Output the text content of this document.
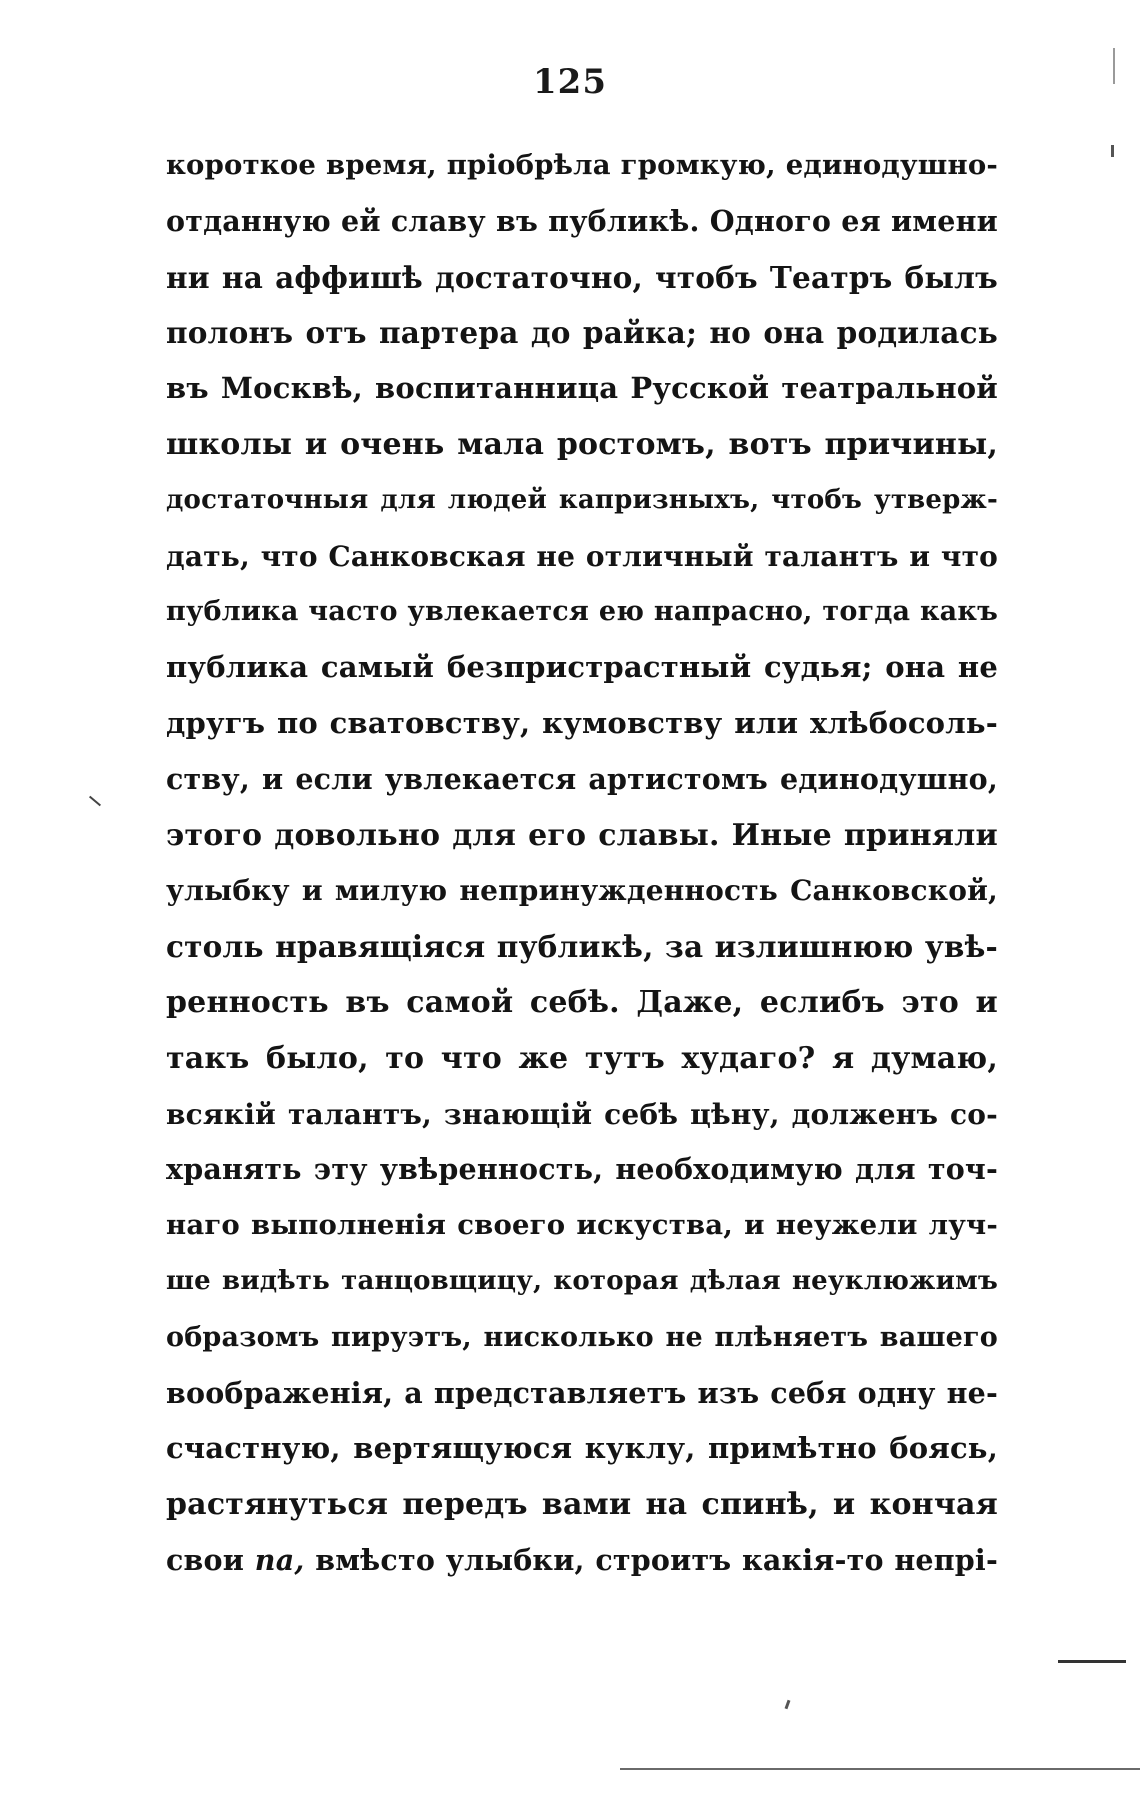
125
короткое время, пріобрѣла громкую, единодушно-
отданную ей славу въ публикѣ. Одного ея имени
ни на аффишѣ достаточно, чтобъ Театръ былъ
полонъ отъ партера до райка; но она родилась
въ Москвѣ, воспитанница Русской театральной
школы и очень мала ростомъ, вотъ причины,
достаточныя для людей капризныхъ, чтобъ утверж-
дать, что Санковская не отличный талантъ и что
публика часто увлекается ею напрасно, тогда какъ
публика самый безпристрастный судья; она не
другъ по сватовству, кумовству или хлѣбосоль-
ству, и если увлекается артистомъ единодушно,
этого довольно для его славы. Иные приняли
улыбку и милую непринужденность Санковской,
столь нравящіяся публикѣ, за излишнюю увѣ-
ренность въ самой себѣ. Даже, еслибъ это и
такъ было, то что же тутъ худаго? я думаю,
всякій талантъ, знающій себѣ цѣну, долженъ со-
хранять эту увѣренность, необходимую для точ-
наго выполненія своего искуства, и неужели луч-
ше видѣть танцовщицу, которая дѣлая неуклюжимъ
образомъ пируэтъ, нисколько не плѣняетъ вашего
воображенія, а представляетъ изъ себя одну не-
счастную, вертящуюся куклу, примѣтно боясь,
растянуться передъ вами на спинѣ, и кончая
свои па, вмѣсто улыбки, строитъ какія-то непрі-
